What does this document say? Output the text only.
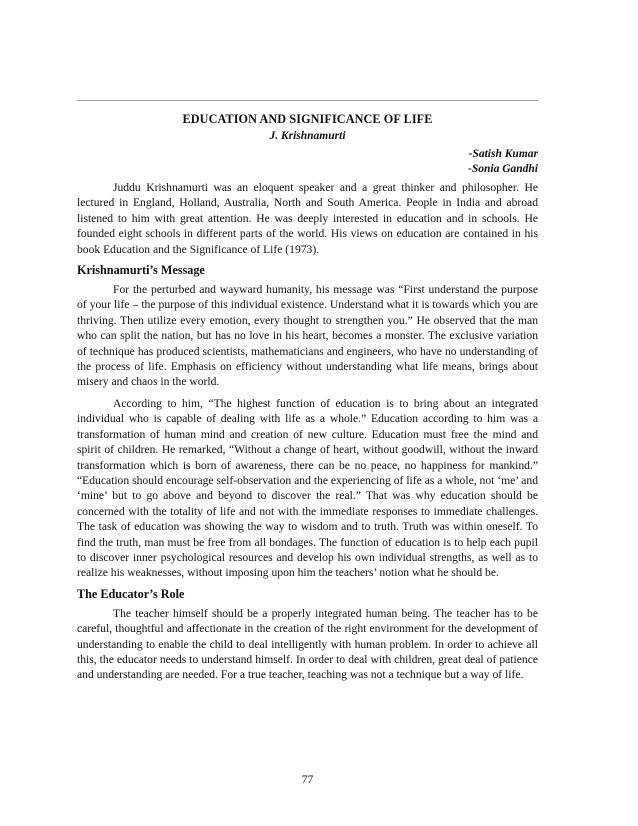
EDUCATION AND SIGNIFICANCE OF LIFE
J. Krishnamurti
-Satish Kumar
-Sonia Gandhi

Juddu Krishnamurti was an eloquent speaker and a great thinker and philosopher. He lectured in England, Holland, Australia, North and South America. People in India and abroad listened to him with great attention. He was deeply interested in education and in schools. He founded eight schools in different parts of the world. His views on education are contained in his book Education and the Significance of Life (1973).

Krishnamurti’s Message

For the perturbed and wayward humanity, his message was “First understand the purpose of your life – the purpose of this individual existence. Understand what it is towards which you are thriving. Then utilize every emotion, every thought to strengthen you.” He observed that the man who can split the nation, but has no love in his heart, becomes a monster. The exclusive variation of technique has produced scientists, mathematicians and engineers, who have no understanding of the process of life. Emphasis on efficiency without understanding what life means, brings about misery and chaos in the world.

According to him, “The highest function of education is to bring about an integrated individual who is capable of dealing with life as a whole.” Education according to him was a transformation of human mind and creation of new culture. Education must free the mind and spirit of children. He remarked, “Without a change of heart, without goodwill, without the inward transformation which is born of awareness, there can be no peace, no happiness for mankind.” “Education should encourage self-observation and the experiencing of life as a whole, not ‘me’ and ‘mine’ but to go above and beyond to discover the real.” That was why education should be concerned with the totality of life and not with the immediate responses to immediate challenges. The task of education was showing the way to wisdom and to truth. Truth was within oneself. To find the truth, man must be free from all bondages. The function of education is to help each pupil to discover inner psychological resources and develop his own individual strengths, as well as to realize his weaknesses, without imposing upon him the teachers’ notion what he should be.

The Educator’s Role

The teacher himself should be a properly integrated human being. The teacher has to be careful, thoughtful and affectionate in the creation of the right environment for the development of understanding to enable the child to deal intelligently with human problem. In order to achieve all this, the educator needs to understand himself. In order to deal with children, great deal of patience and understanding are needed. For a true teacher, teaching was not a technique but a way of life.

77
